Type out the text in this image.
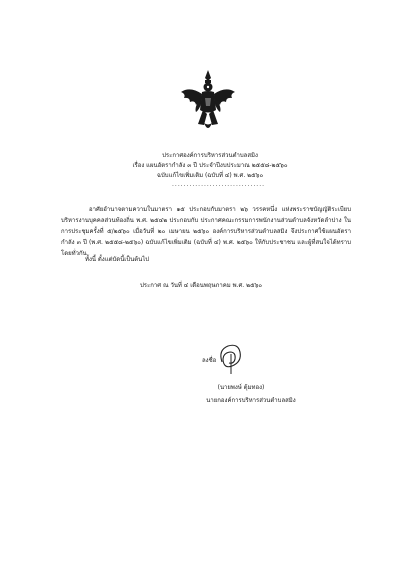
ประกาศองค์การบริหารส่วนตำบลสมิง
เรื่อง แผนอัตรากำลัง ๓ ปี ประจำปีงบประมาณ ๒๕๕๘-๒๕๖๐
ฉบับแก้ไขเพิ่มเติม (ฉบับที่ ๔) พ.ศ. ๒๕๖๐
................................

อาศัยอำนาจตามความในมาตรา ๑๕ ประกอบกับมาตรา ๒๖ วรรคหนึ่ง แห่งพระราชบัญญัติระเบียบบริหารงานบุคคลส่วนท้องถิ่น พ.ศ. ๒๕๔๒ ประกอบกับ ประกาศคณะกรรมการพนักงานส่วนตำบลจังหวัดลำปาง ในการประชุมครั้งที่ ๕/๒๕๖๐ เมื่อวันที่ ๒๐ เมษายน ๒๕๖๐ องค์การบริหารส่วนตำบลสมิง จึงประกาศใช้แผนอัตรากำลัง ๓ ปี (พ.ศ. ๒๕๕๘-๒๕๖๐) ฉบับแก้ไขเพิ่มเติม (ฉบับที่ ๔) พ.ศ. ๒๕๖๐ ให้กับประชาชน และผู้ที่สนใจได้ทราบโดยทั่วกัน

ทั้งนี้ ตั้งแต่บัดนี้เป็นต้นไป
ประกาศ ณ วันที่ ๔ เดือนพฤษภาคม พ.ศ. ๒๕๖๐
ลงชื่อ
(นายพงษ์ ตุ้มทอง)
นายกองค์การบริหารส่วนตำบลสมิง
